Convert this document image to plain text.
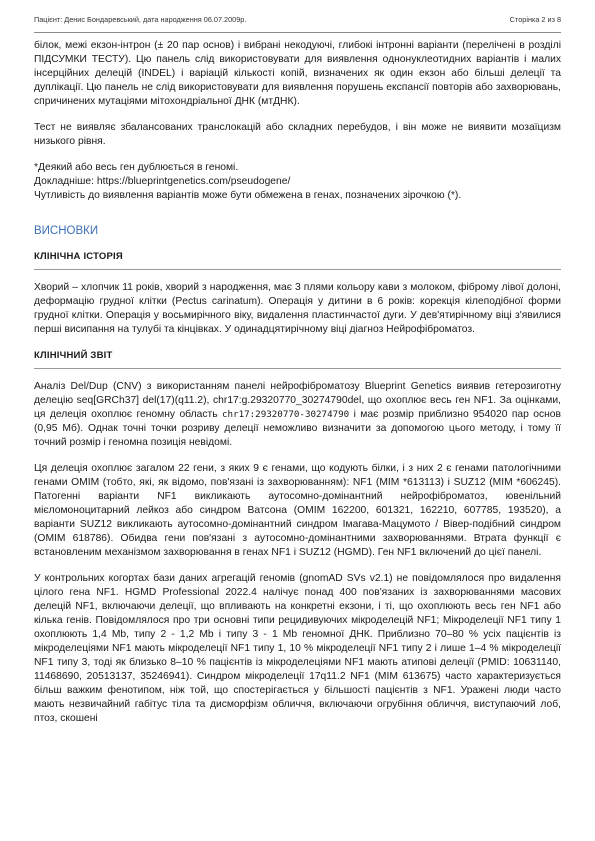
Пацієнт: Денис Бондаревський, дата народження 06.07.2009р.	Сторінка 2 из 8

білок, межі екзон-інтрон (± 20 пар основ) і вибрані некодуючі, глибокі інтронні варіанти (перелічені в розділі ПІДСУМКИ ТЕСТУ). Цю панель слід використовувати для виявлення однонуклеотидних варіантів і малих інсерційних делецій (INDEL) і варіацій кількості копій, визначених як один екзон або більші делеції та дуплікації. Цю панель не слід використовувати для виявлення порушень експансії повторів або захворювань, спричинених мутаціями мітохондріальної ДНК (мтДНК).

Тест не виявляє збалансованих транслокацій або складних перебудов, і він може не виявити мозаїцизм низького рівня.

*Деякий або весь ген дублюється в геномі.
Докладніше: https://blueprintgenetics.com/pseudogene/
Чутливість до виявлення варіантів може бути обмежена в генах, позначених зірочкою (*).
ВИСНОВКИ
КЛІНІЧНА ІСТОРІЯ

Хворий – хлопчик 11 років, хворий з народження, має 3 плями кольору кави з молоком, фіброму лівої долоні, деформацію грудної клітки (Pectus carinatum). Операція у дитини в 6 років: корекція кілеподібної форми грудної клітки. Операція у восьмирічного віку, видалення пластинчастої дуги. У дев'ятирічному віці з'явилися перші висипання на тулубі та кінцівках. У одинадцятирічному віці діагноз Нейрофіброматоз.

КЛІНІЧНИЙ ЗВІТ

Аналіз Del/Dup (CNV) з використанням панелі нейрофіброматозу Blueprint Genetics виявив гетерозиготну делецію seq[GRCh37] del(17)(q11.2), chr17:g.29320770_30274790del, що охоплює весь ген NF1. За оцінками, ця делеція охоплює геномну область chr17:29320770-30274790 і має розмір приблизно 954020 пар основ (0,95 Мб). Однак точні точки розриву делеції неможливо визначити за допомогою цього методу, і тому її точний розмір і геномна позиція невідомі.

Ця делеція охоплює загалом 22 гени, з яких 9 є генами, що кодують білки, і з них 2 є генами патологічними генами OMIM (тобто, які, як відомо, пов'язані із захворюванням): NF1 (MIM *613113) і SUZ12 (MIM *606245). Патогенні варіанти NF1 викликають аутосомно-домінантний нейрофіброматоз, ювенільний мієломоноцитарний лейкоз або синдром Ватсона (OMIM 162200, 601321, 162210, 607785, 193520), а варіанти SUZ12 викликають аутосомно-домінантний синдром Імагава-Мацумото / Вівер-подібний синдром (OMIM 618786). Обидва гени пов'язані з аутосомно-домінантними захворюваннями. Втрата функції є встановленим механізмом захворювання в генах NF1 і SUZ12 (HGMD). Ген NF1 включений до цієї панелі.

У контрольних когортах бази даних агрегацій геномів (gnomAD SVs v2.1) не повідомлялося про видалення цілого гена NF1. HGMD Professional 2022.4 налічує понад 400 пов'язаних із захворюваннями масових делецій NF1, включаючи делеції, що впливають на конкретні екзони, і ті, що охоплюють весь ген NF1 або кілька генів. Повідомлялося про три основні типи рецидивуючих мікроделецій NF1; Мікроделеції NF1 типу 1 охоплюють 1,4 Mb, типу 2 - 1,2 Mb і типу 3 - 1 Mb геномної ДНК. Приблизно 70–80 % усіх пацієнтів із мікроделеціями NF1 мають мікроделеції NF1 типу 1, 10 % мікроделеції NF1 типу 2 і лише 1–4 % мікроделеції NF1 типу 3, тоді як близько 8–10 % пацієнтів із мікроделеціями NF1 мають атипові делеції (PMID: 10631140, 11468690, 20513137, 35246941). Синдром мікроделеції 17q11.2 NF1 (MIM 613675) часто характеризується більш важким фенотипом, ніж той, що спостерігається у більшості пацієнтів з NF1. Уражені люди часто мають незвичайний габітус тіла та дисморфізм обличчя, включаючи огрубіння обличчя, виступаючий лоб, птоз, скошені
